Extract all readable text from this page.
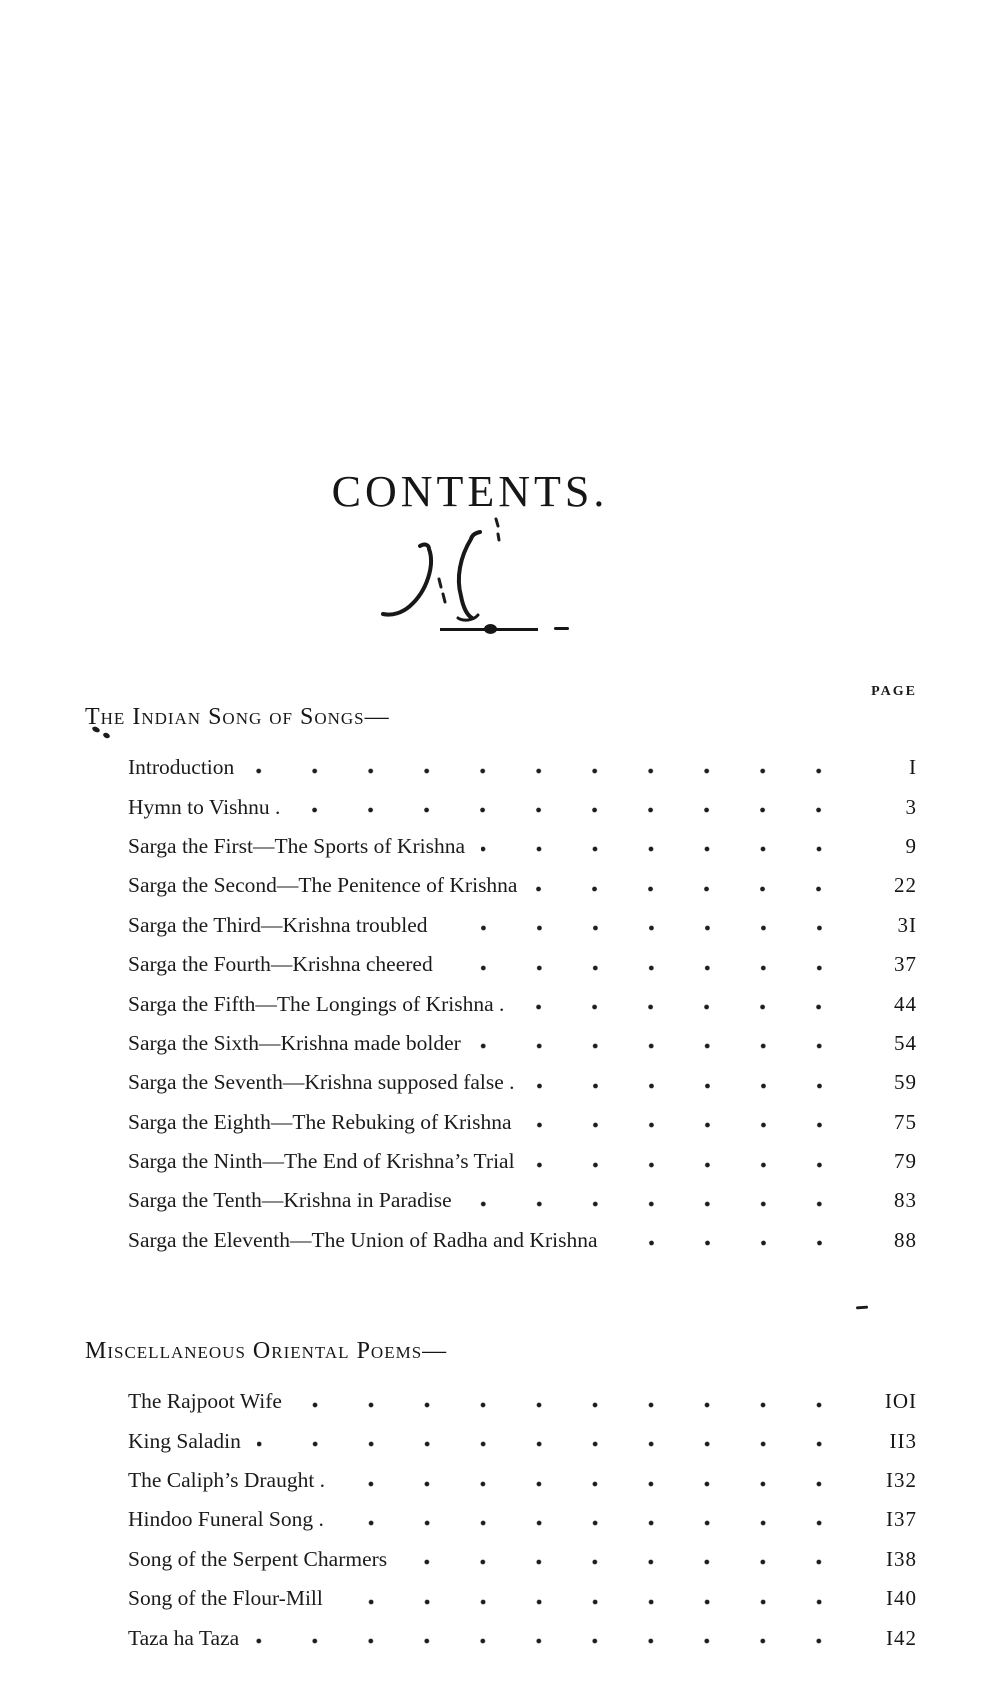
CONTENTS.
PAGE
The Indian Song of Songs—
Introduction	I
Hymn to Vishnu .	3
Sarga the First—The Sports of Krishna	9
Sarga the Second—The Penitence of Krishna	22
Sarga the Third—Krishna troubled	3I
Sarga the Fourth—Krishna cheered	37
Sarga the Fifth—The Longings of Krishna .	44
Sarga the Sixth—Krishna made bolder	54
Sarga the Seventh—Krishna supposed false .	59
Sarga the Eighth—The Rebuking of Krishna	75
Sarga the Ninth—The End of Krishna’s Trial	79
Sarga the Tenth—Krishna in Paradise	83
Sarga the Eleventh—The Union of Radha and Krishna	88
Miscellaneous Oriental Poems—
The Rajpoot Wife	IOI
King Saladin	II3
The Caliph’s Draught .	I32
Hindoo Funeral Song .	I37
Song of the Serpent Charmers	I38
Song of the Flour-Mill	I40
Taza ha Taza	I42
